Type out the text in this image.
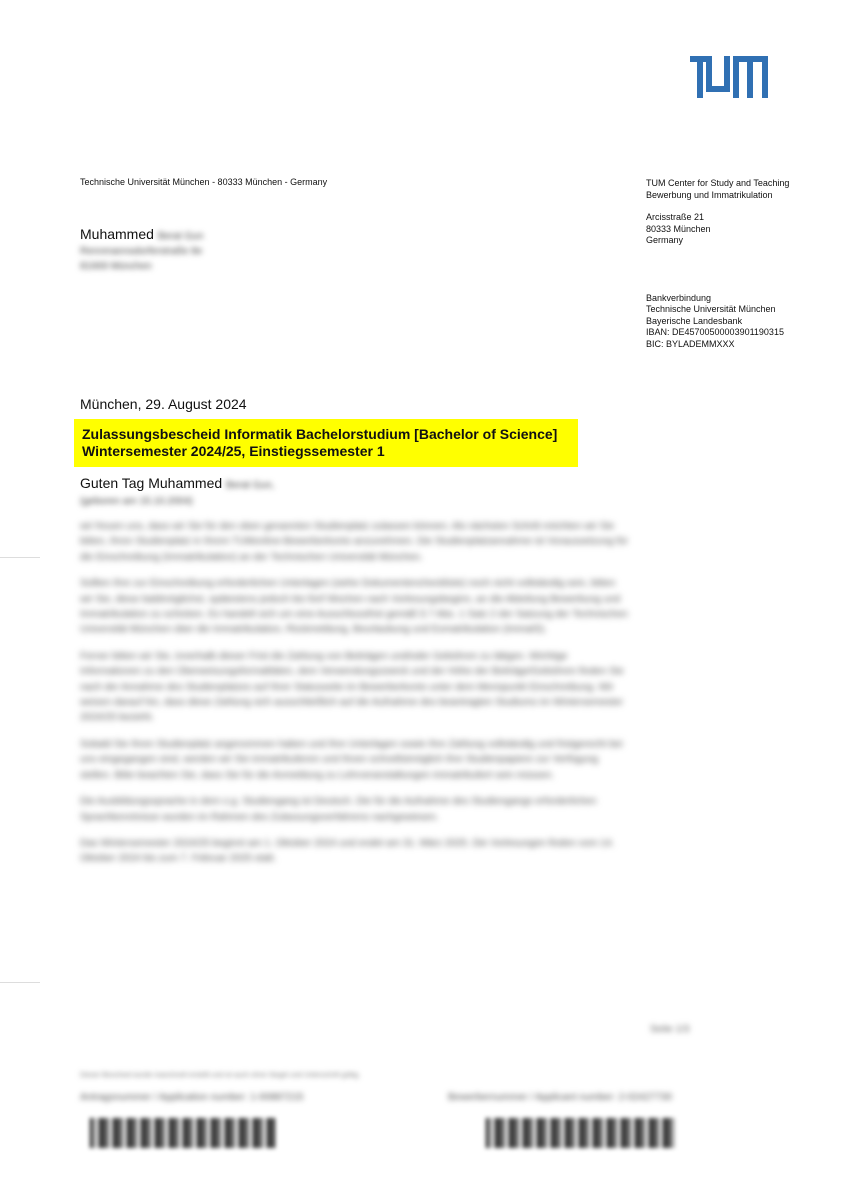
Technische Universität München - 80333 München - Germany
Muhammed Berat Gun
Rennmannsdorferstraße 8e
81669 München

TUM Center for Study and Teaching
Bewerbung und Immatrikulation

Arcisstraße 21
80333 München
Germany

Bankverbindung
Technische Universität München
Bayerische Landesbank
IBAN: DE45700500003901190315
BIC: BYLADEMMXXX

München, 29. August 2024
Zulassungsbescheid Informatik Bachelorstudium [Bachelor of Science]
Wintersemester 2024/25, Einstiegssemester 1
Guten Tag Muhammed Berat Gun,
(geboren am 15.10.2004)

wir freuen uns, dass wir Sie für den oben genannten Studienplatz zulassen können. Als nächsten Schritt möchten wir Sie bitten, Ihren Studienplatz in Ihrem TUMonline-Bewerberkonto anzunehmen. Die Studienplatzannahme ist Voraussetzung für die Einschreibung (Immatrikulation) an der Technischen Universität München.

Sollten Ihre zur Einschreibung erforderlichen Unterlagen (siehe Dokumentencheckliste) noch nicht vollständig sein, bitten wir Sie, diese baldmöglichst, spätestens jedoch bis fünf Wochen nach Vorlesungsbeginn, an die Abteilung Bewerbung und Immatrikulation zu schicken. Es handelt sich um eine Ausschlussfrist gemäß § 7 Abs. 1 Satz 2 der Satzung der Technischen Universität München über die Immatrikulation, Rückmeldung, Beurlaubung und Exmatrikulation (ImmatS).

Ferner bitten wir Sie, innerhalb dieser Frist die Zahlung von Beiträgen und/oder Gebühren zu tätigen. Wichtige Informationen zu den Überweisungsformalitäten, dem Verwendungszweck und der Höhe der Beiträge/Gebühren finden Sie nach der Annahme des Studienplatzes auf Ihrer Statusseite im Bewerberkonto unter dem Menüpunkt Einschreibung. Wir weisen darauf hin, dass diese Zahlung sich ausschließlich auf die Aufnahme des beantragten Studiums im Wintersemester 2024/25 bezieht.

Sobald Sie Ihren Studienplatz angenommen haben und Ihre Unterlagen sowie Ihre Zahlung vollständig und fristgerecht bei uns eingegangen sind, werden wir Sie immatrikulieren und Ihnen schnellstmöglich Ihre Studienpapiere zur Verfügung stellen. Bitte beachten Sie, dass Sie für die Anmeldung zu Lehrveranstaltungen immatrikuliert sein müssen.

Die Ausbildungssprache in dem o.g. Studiengang ist Deutsch. Die für die Aufnahme des Studiengangs erforderlichen Sprachkenntnisse wurden im Rahmen des Zulassungsverfahrens nachgewiesen.

Das Wintersemester 2024/25 beginnt am 1. Oktober 2024 und endet am 31. März 2025. Die Vorlesungen finden vom 14. Oktober 2024 bis zum 7. Februar 2025 statt.

Seite 1/3
Dieser Bescheid wurde maschinell erstellt und ist auch ohne Siegel und Unterschrift gültig.
Antragsnummer / Application number: 1-00887215	Bewerbernummer / Applicant number: 2-02427730
